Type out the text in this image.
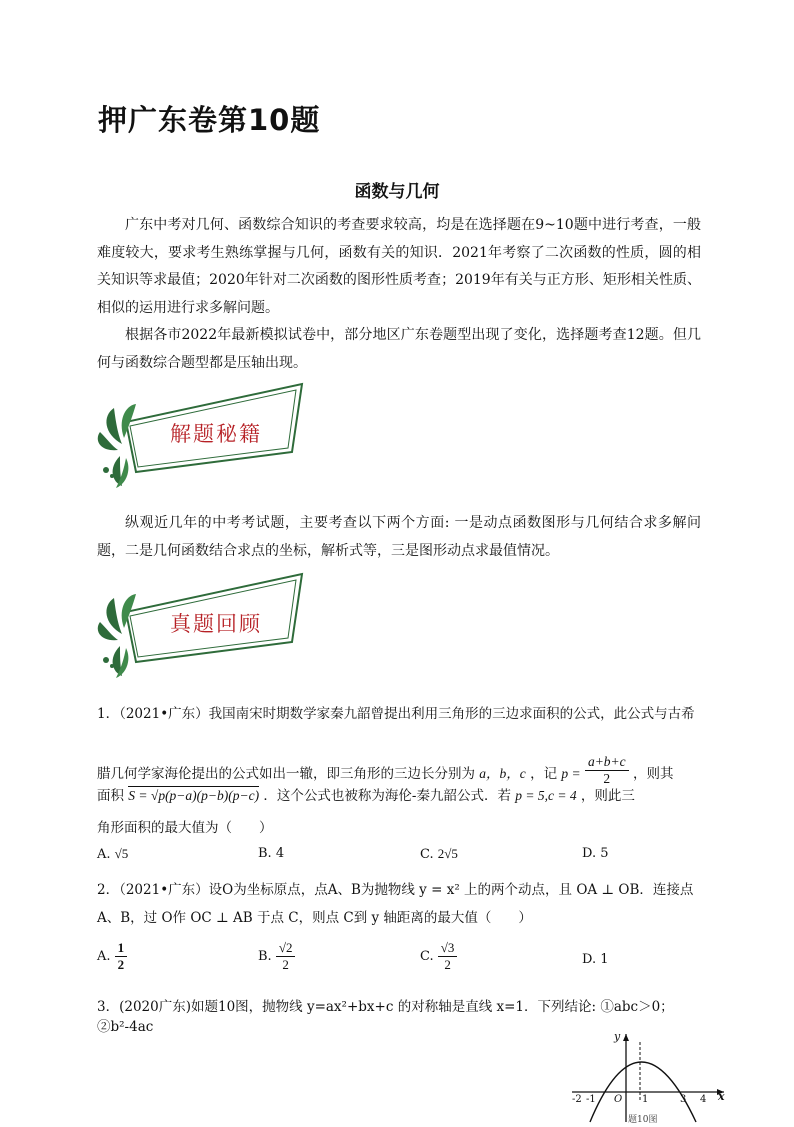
押广东卷第10题
函数与几何
广东中考对几何、函数综合知识的考查要求较高，均是在选择题在9~10题中进行考查，一般难度较大，要求考生熟练掌握与几何，函数有关的知识．2021年考察了二次函数的性质，圆的相关知识等求最值；2020年针对二次函数的图形性质考查；2019年有关与正方形、矩形相关性质、相似的运用进行求多解问题。
根据各市2022年最新模拟试卷中，部分地区广东卷题型出现了变化，选择题考查12题。但几何与函数综合题型都是压轴出现。
解题秘籍
纵观近几年的中考考试题，主要考查以下两个方面: 一是动点函数图形与几何结合求多解问题，二是几何函数结合求点的坐标，解析式等，三是图形动点求最值情况。
真题回顾
1．（2021•广东）我国南宋时期数学家秦九韶曾提出利用三角形的三边求面积的公式，此公式与古希
腊几何学家海伦提出的公式如出一辙，即三角形的三边长分别为 a，b，c ，记 $p = \frac{a+b+c}{2}$ ，则其
面积 S = √p(p−a)(p−b)(p−c) ．这个公式也被称为海伦-秦九韶公式．若 p = 5,c = 4 ，则此三
角形面积的最大值为（　　）
A. √5	B. 4	C. 2√5	D. 5
2．（2021•广东）设O为坐标原点，点A、B为抛物线 y = x² 上的两个动点，且 OA ⊥ OB．连接点
A、B，过 O作 OC ⊥ AB 于点 C，则点 C到 y 轴距离的最大值（　　）
A. $\frac{1}{2}$	B. $\frac{√2}{2}$	C. $\frac{√3}{2}$	D. 1
3．(2020广东)如题10图，抛物线 y=ax²+bx+c 的对称轴是直线 x=1．下列结论: ①abc＞0；②b²-4ac
y
x
-2 -1 O 1	3 4
题10图
